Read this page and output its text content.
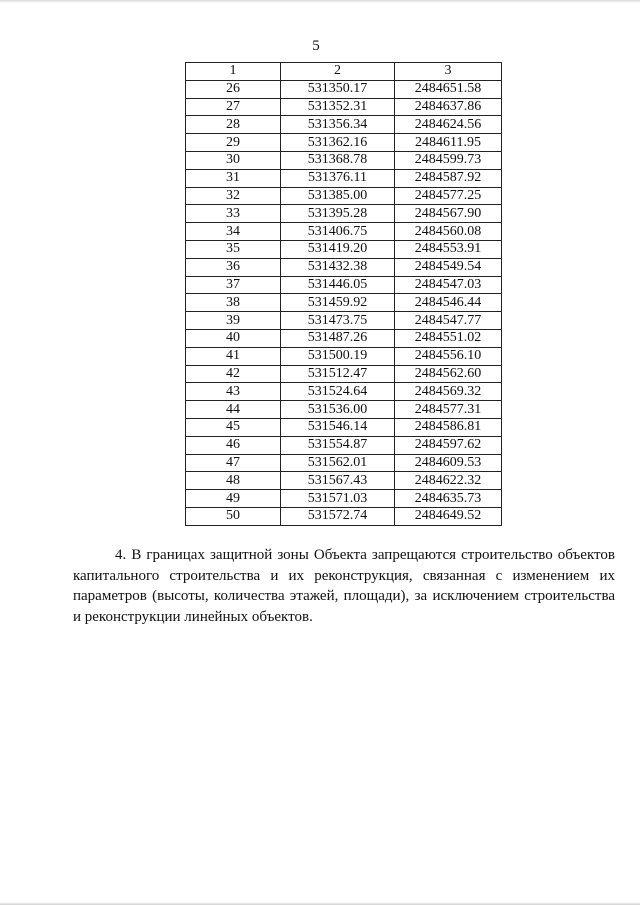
5
1	2	3
26	531350.17	2484651.58
27	531352.31	2484637.86
28	531356.34	2484624.56
29	531362.16	2484611.95
30	531368.78	2484599.73
31	531376.11	2484587.92
32	531385.00	2484577.25
33	531395.28	2484567.90
34	531406.75	2484560.08
35	531419.20	2484553.91
36	531432.38	2484549.54
37	531446.05	2484547.03
38	531459.92	2484546.44
39	531473.75	2484547.77
40	531487.26	2484551.02
41	531500.19	2484556.10
42	531512.47	2484562.60
43	531524.64	2484569.32
44	531536.00	2484577.31
45	531546.14	2484586.81
46	531554.87	2484597.62
47	531562.01	2484609.53
48	531567.43	2484622.32
49	531571.03	2484635.73
50	531572.74	2484649.52

4. В границах защитной зоны Объекта запрещаются строительство объектов капитального строительства и их реконструкция, связанная с изменением их параметров (высоты, количества этажей, площади), за исключением строительства и реконструкции линейных объектов.
